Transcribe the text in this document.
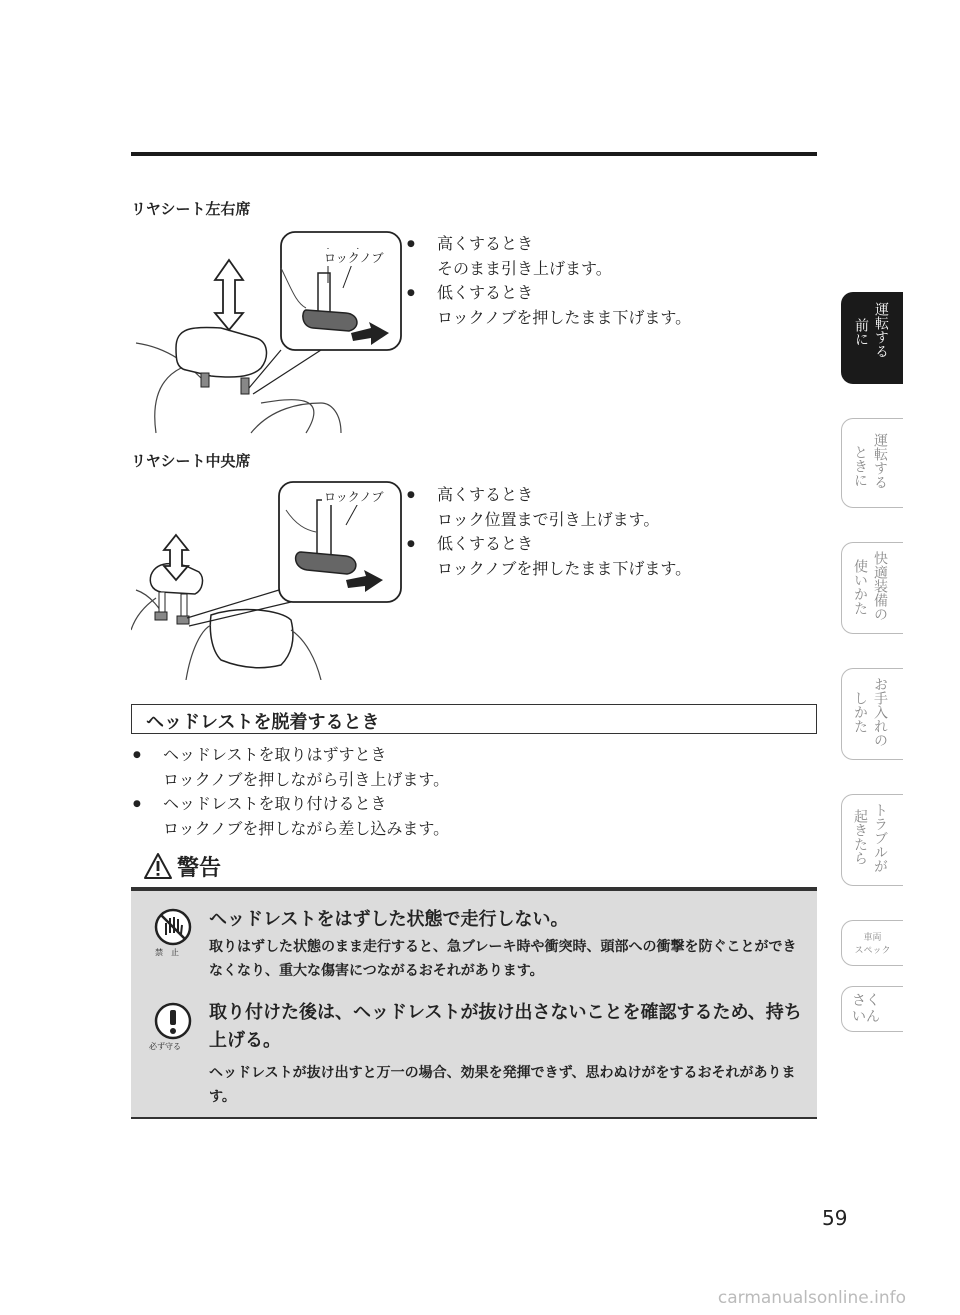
リヤシート左右席
ロックノブ
● 高くするとき
そのまま引き上げます。
● 低くするとき
ロックノブを押したまま下げます。
リヤシート中央席
ロックノブ
●	高くするとき
ロック位置まで引き上げます。
● 低くするとき
ロックノブを押したまま下げます。
ヘッドレストを脱着するとき
● ヘッドレストを取りはずすとき
ロックノブを押しながら引き上げます。
● ヘッドレストを取り付けるとき
ロックノブを押しながら差し込みます。
警告
禁　止
ヘッドレストをはずした状態で走行しない。
取りはずした状態のまま走行すると、急ブレーキ時や衝突時、頭部への衝撃を防ぐことができなくなり、重大な傷害につながるおそれがあります。
必ず守る
取り付けた後は、ヘッドレストが抜け出さないことを確認するため、持ち上げる。
ヘッドレストが抜け出すと万一の場合、効果を発揮できず、思わぬけがをするおそれがあります。
運転する
前に
運転する
ときに
快適装備の
使いかた
お手入れの
しかた
トラブルが
起きたら
車両
スペック
さく
いん
59
carmanualsonline.info
